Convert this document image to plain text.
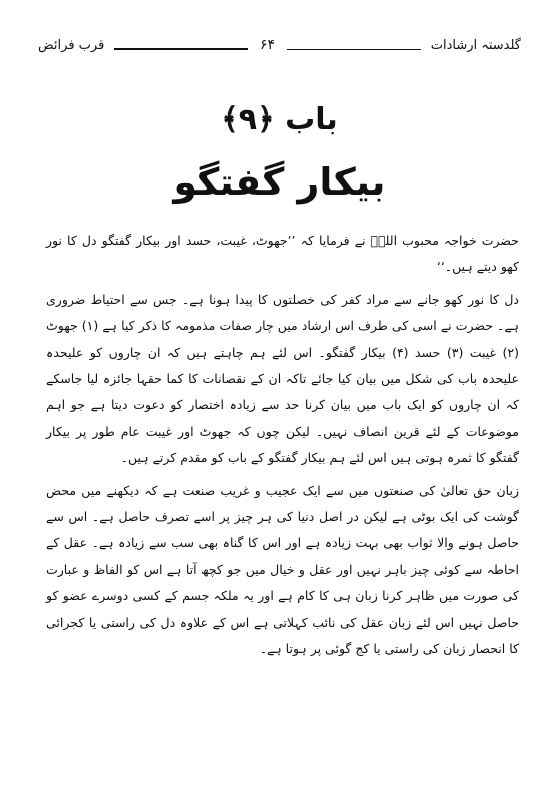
گلدستہ ارشادات
۶۴
قرب فرائض
باب ﴿۹﴾
بیکار گفتگو

حضرت خواجہ محبوب اللہؒ نے فرمایا کہ ’’جھوٹ، غیبت، حسد اور بیکار گفتگو دل کا نور کھو دیتے ہیں۔‘‘

دل کا نور کھو جانے سے مراد کفر کی خصلتوں کا پیدا ہونا ہے۔ جس سے احتیاط ضروری ہے۔ حضرت نے اسی کی طرف اس ارشاد میں چار صفات مذمومہ کا ذکر کیا ہے (۱) جھوٹ (۲) غیبت (۳) حسد (۴) بیکار گفتگو۔ اس لئے ہم چاہتے ہیں کہ ان چاروں کو علیحدہ علیحدہ باب کی شکل میں بیان کیا جائے تاکہ ان کے نقصانات کا کما حقہا جائزہ لیا جاسکے کہ ان چاروں کو ایک باب میں بیان کرنا حد سے زیادہ اختصار کو دعوت دیتا ہے جو اہم موضوعات کے لئے قرین انصاف نہیں۔ لیکن چوں کہ جھوٹ اور غیبت عام طور پر بیکار گفتگو کا ثمرہ ہوتی ہیں اس لئے ہم بیکار گفتگو کے باب کو مقدم کرتے ہیں۔

زبان حق تعالیٰ کی صنعتوں میں سے ایک عجیب و غریب صنعت ہے کہ دیکھنے میں محض گوشت کی ایک بوٹی ہے لیکن در اصل دنیا کی ہر چیز پر اسے تصرف حاصل ہے۔ اس سے حاصل ہونے والا ثواب بھی بہت زیادہ ہے اور اس کا گناہ بھی سب سے زیادہ ہے۔ عقل کے احاطہ سے کوئی چیز باہر نہیں اور عقل و خیال میں جو کچھ آتا ہے اس کو الفاظ و عبارت کی صورت میں ظاہر کرنا زبان ہی کا کام ہے اور یہ ملکہ جسم کے کسی دوسرے عضو کو حاصل نہیں اس لئے زبان عقل کی نائب کہلاتی ہے اس کے علاوہ دل کی راستی یا کجرائی کا انحصار زبان کی راستی یا کج گوئی پر ہوتا ہے۔
